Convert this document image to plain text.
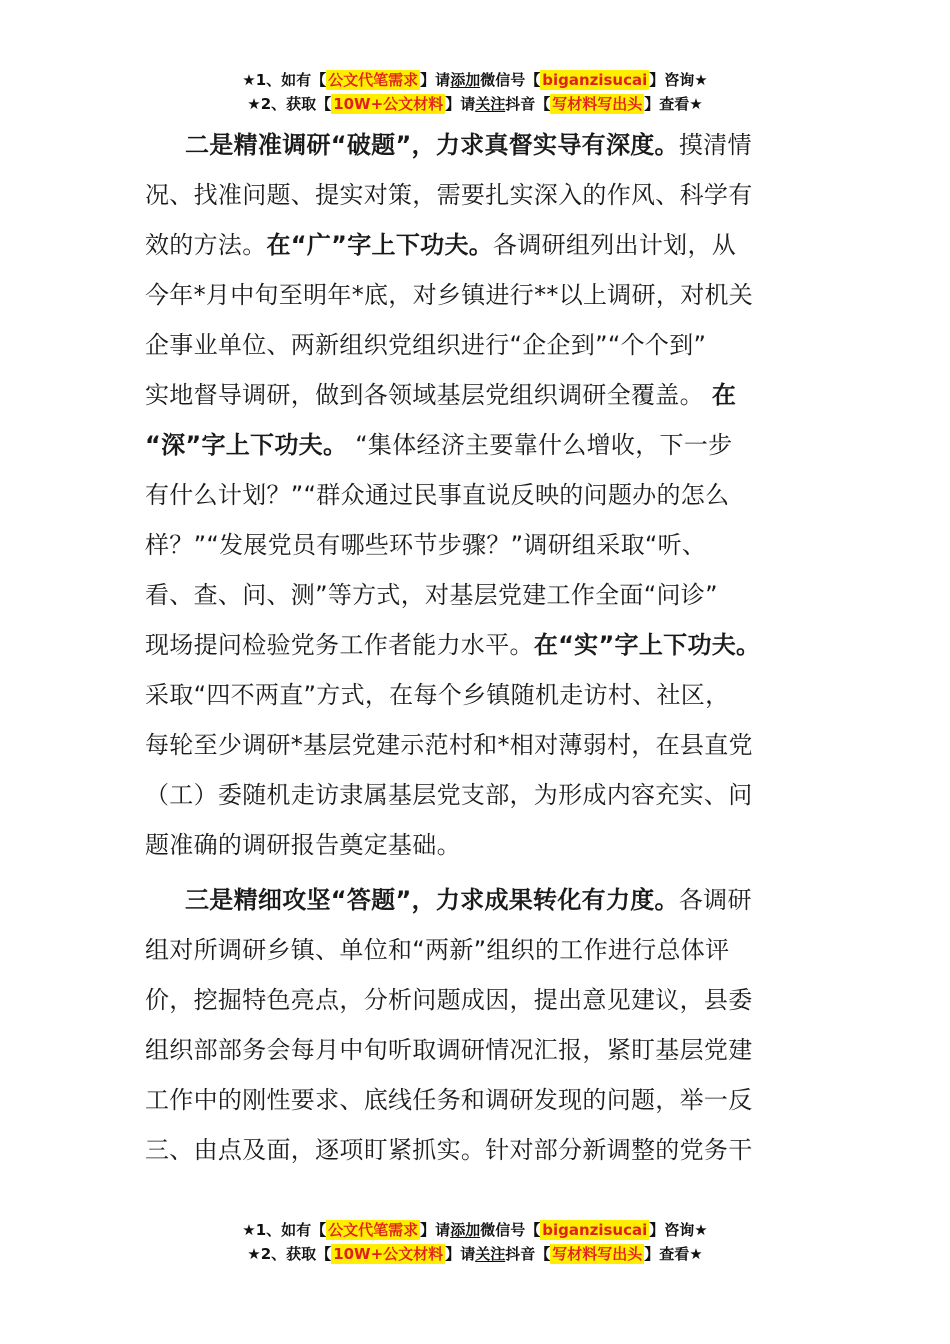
★1、如有【 公文代笔需求 】请添加微信号【 biganzisucai 】咨询★
★2、获取【 10W+公文材料 】请关注抖音【 写材料写出头 】查看★
二是精准调研“破题”，力求真督实导有深度。摸清情
况、找准问题、提实对策，需要扎实深入的作风、科学有
效的方法。在“广”字上下功夫。各调研组列出计划，从
今年*月中旬至明年*底，对乡镇进行**以上调研，对机关
企事业单位、两新组织党组织进行“企企到”“个个到”
实地督导调研，做到各领域基层党组织调研全覆盖。 在
“深”字上下功夫。 “集体经济主要靠什么增收，下一步
有什么计划？”“群众通过民事直说反映的问题办的怎么
样？”“发展党员有哪些环节步骤？”调研组采取“听、
看、查、问、测”等方式，对基层党建工作全面“问诊”
现场提问检验党务工作者能力水平。在“实”字上下功夫。
采取“四不两直”方式，在每个乡镇随机走访村、社区，
每轮至少调研*基层党建示范村和*相对薄弱村，在县直党
（工）委随机走访隶属基层党支部，为形成内容充实、问
题准确的调研报告奠定基础。
三是精细攻坚“答题”，力求成果转化有力度。各调研
组对所调研乡镇、单位和“两新”组织的工作进行总体评
价，挖掘特色亮点，分析问题成因，提出意见建议，县委
组织部部务会每月中旬听取调研情况汇报，紧盯基层党建
工作中的刚性要求、底线任务和调研发现的问题，举一反
三、由点及面，逐项盯紧抓实。针对部分新调整的党务干
★1、如有【 公文代笔需求 】请添加微信号【 biganzisucai 】咨询★
★2、获取【 10W+公文材料 】请关注抖音【 写材料写出头 】查看★
